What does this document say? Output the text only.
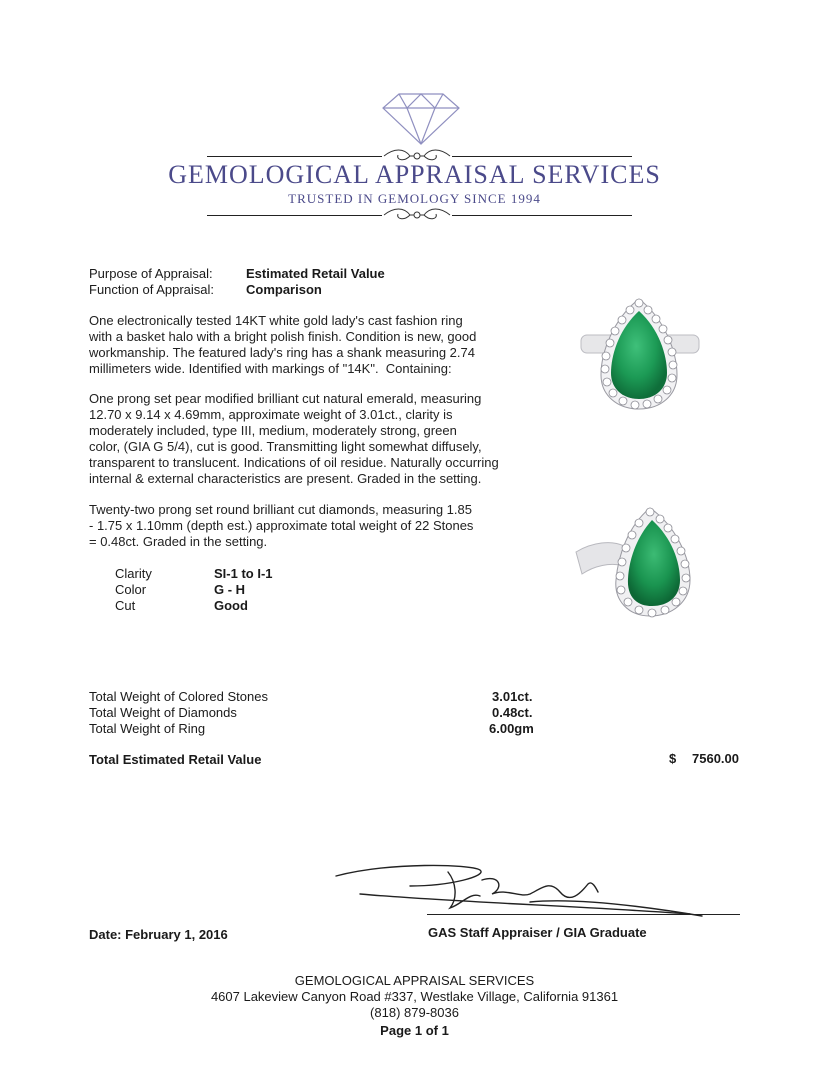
GEMOLOGICAL APPRAISAL SERVICES
TRUSTED IN GEMOLOGY SINCE 1994
Purpose of Appraisal:	Estimated Retail Value
Function of Appraisal: Comparison
One electronically tested 14KT white gold lady's cast fashion ring
with a basket halo with a bright polish finish. Condition is new, good
workmanship. The featured lady's ring has a shank measuring 2.74
millimeters wide. Identified with markings of "14K".  Containing:
One prong set pear modified brilliant cut natural emerald, measuring
12.70 x 9.14 x 4.69mm, approximate weight of 3.01ct., clarity is
moderately included, type III, medium, moderately strong, green
color, (GIA G 5/4), cut is good. Transmitting light somewhat diffusely,
transparent to translucent. Indications of oil residue. Naturally occurring
internal & external characteristics are present. Graded in the setting.
Twenty-two prong set round brilliant cut diamonds, measuring 1.85
- 1.75 x 1.10mm (depth est.) approximate total weight of 22 Stones
= 0.48ct. Graded in the setting.
Clarity	SI-1 to I-1
Color	G - H
Cut	Good
Total Weight of Colored Stones	3.01ct.
Total Weight of Diamonds	0.48ct.
Total Weight of Ring	6.00gm
Total Estimated Retail Value	$ 7560.00
Date: February 1, 2016	GAS Staff Appraiser / GIA Graduate
GEMOLOGICAL APPRAISAL SERVICES
4607 Lakeview Canyon Road #337, Westlake Village, California 91361
(818) 879-8036
Page 1 of 1
